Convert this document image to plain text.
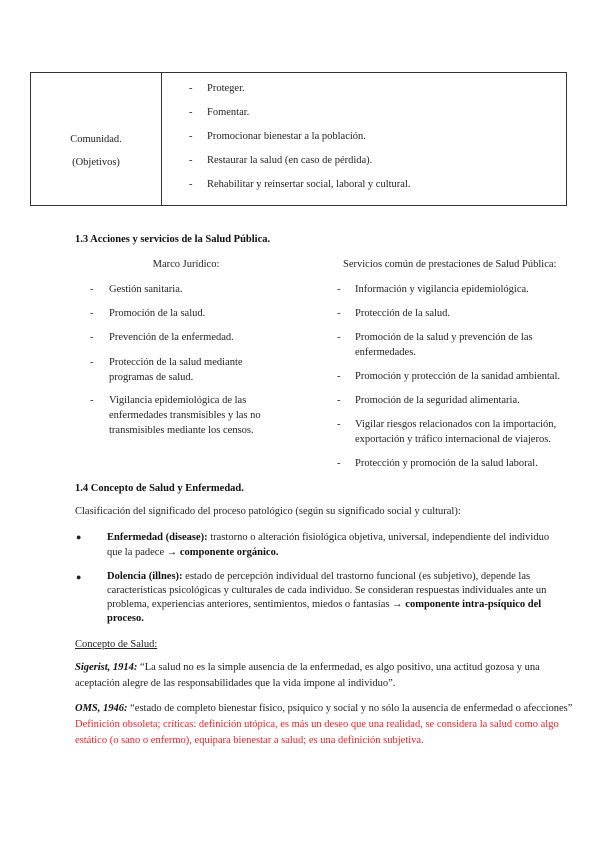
Comunidad.
(Objetivos)
- Proteger.
- Fomentar.
- Promocionar bienestar a la población.
- Restaurar la salud (en caso de pérdida).
- Rehabilitar y reinsertar social, laboral y cultural.
1.3 Acciones y servicios de la Salud Pública.
Marco Jurídico:	Servicios común de prestaciones de Salud Pública:
- Gestión sanitaria.
- Promoción de la salud.
- Prevención de la enfermedad.
- Protección de la salud mediante programas de salud.
- Vigilancia epidemiológica de las enfermedades transmisibles y las no transmisibles mediante los censos.
- Información y vigilancia epidemiológica.
- Protección de la salud.
- Promoción de la salud y prevención de las enfermedades.
- Promoción y protección de la sanidad ambiental.
- Promoción de la seguridad alimentaria.
- Vigilar riesgos relacionados con la importación, exportación y tráfico internacional de viajeros.
- Protección y promoción de la salud laboral.
1.4 Concepto de Salud y Enfermedad.
Clasificación del significado del proceso patológico (según su significado social y cultural):
● Enfermedad (disease): trastorno o alteración fisiológica objetiva, universal, independiente del individuo que la padece → componente orgánico.
● Dolencia (illnes): estado de percepción individual del trastorno funcional (es subjetivo), depende las características psicológicas y culturales de cada individuo. Se consideran respuestas individuales ante un problema, experiencias anteriores, sentimientos, miedos o fantasías → componente intra-psíquico del proceso.
Concepto de Salud:
Sigerist, 1914: “La salud no es la simple ausencia de la enfermedad, es algo positivo, una actitud gozosa y una aceptación alegre de las responsabilidades que la vida impone al individuo”.
OMS, 1946: “estado de completo bienestar físico, psíquico y social y no sólo la ausencia de enfermedad o afecciones”
Definición obsoleta; críticas: definición utópica, es más un deseo que una realidad, se considera la salud como algo estático (o sano o enfermo), equipara bienestar a salud; es una definición subjetiva.
